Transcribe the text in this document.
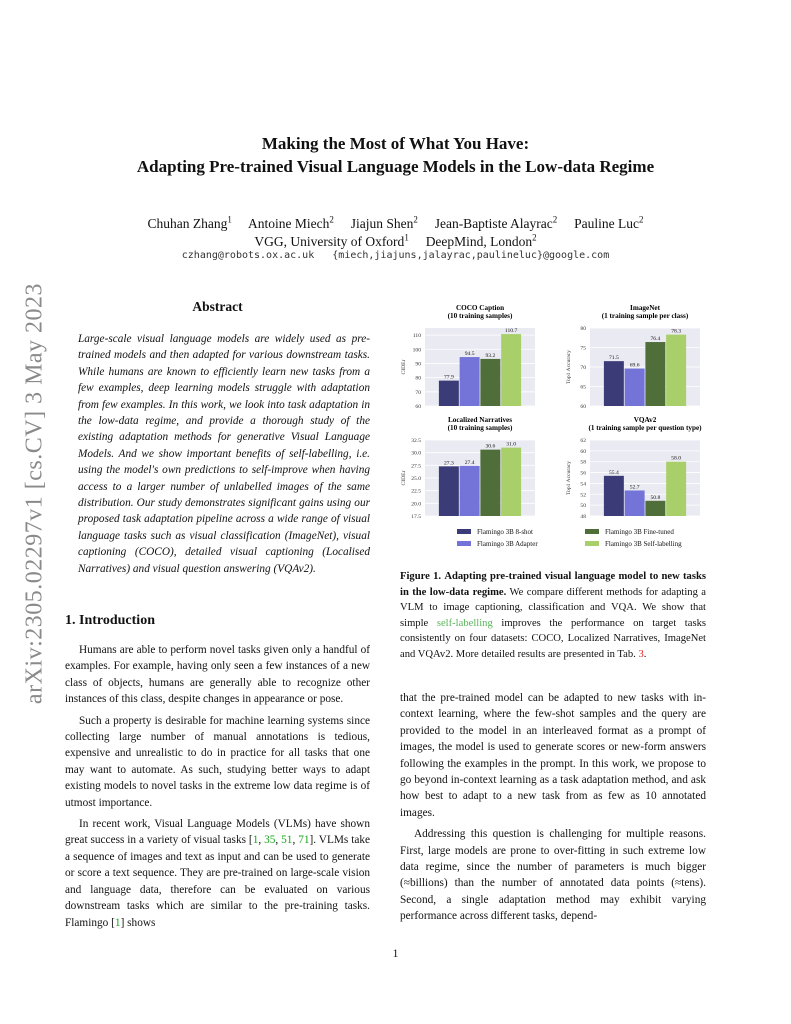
Making the Most of What You Have:
Adapting Pre-trained Visual Language Models in the Low-data Regime
Chuhan Zhang$^1$ Antoine Miech$^2$ Jiajun Shen$^2$ Jean-Baptiste Alayrac$^2$ Pauline Luc$^2$
VGG, University of Oxford$^1$ DeepMind, London$^2$
czhang@robots.ox.ac.uk   {miech,jiajuns,jalayrac,paulineluc}@google.com
arXiv:2305.02297v1 [cs.CV] 3 May 2023	Abstract
Large-scale visual language models are widely used as pre-trained models and then adapted for various downstream tasks. While humans are known to efficiently learn new tasks from a few examples, deep learning models struggle with adaptation from few examples. In this work, we look into task adaptation in the low-data regime, and provide a thorough study of the existing adaptation methods for generative Visual Language Models. And we show important benefits of self-labelling, i.e. using the model's own predictions to self-improve when having access to a larger number of unlabelled images of the same distribution. Our study demonstrates significant gains using our proposed task adaptation pipeline across a wide range of visual language tasks such as visual classification (ImageNet), visual captioning (COCO), detailed visual captioning (Localised Narratives) and visual question answering (VQAv2).
1. Introduction

Humans are able to perform novel tasks given only a handful of examples. For example, having only seen a few instances of a new class of objects, humans are generally able to recognize other instances of this class, despite changes in appearance or pose.

Such a property is desirable for machine learning systems since collecting large number of manual annotations is tedious, expensive and unrealistic to do in practice for all tasks that one may want to automate. As such, studying better ways to adapt existing models to novel tasks in the extreme low data regime is of utmost importance.

In recent work, Visual Language Models (VLMs) have shown great success in a variety of visual tasks [1, 35, 51, 71]. VLMs take a sequence of images and text as input and can be used to generate or score a text sequence. They are pre-trained on large-scale vision and language data, therefore can be evaluated on various downstream tasks which are similar to the pre-training tasks. Flamingo [1] shows

60
70
80
90
100
110
COCO Caption
(10 training samples)
CIDEr
77.9
94.5 93.2
110.7
60
65
70
75
80
ImageNet
(1 training sample per class)
Top1 Accuracy	71.5
69.6
76.4
78.3
17.5
20.0
22.5
25.0
27.5
30.0
32.5
Localized Narratives
(10 training samples)
CIDEr
27.3 27.4
30.6 31.0
48
50
52
54
56
58
60
62
VQAv2
(1 training sample per question type)
Top1 Accuracy	55.4
52.7
50.8
58.0
Flamingo 3B 8-shot
Flamingo 3B Adapter
Flamingo 3B Fine-tuned
Flamingo 3B Self-labelling
Figure 1. Adapting pre-trained visual language model to new tasks in the low-data regime. We compare different methods for adapting a VLM to image captioning, classification and VQA. We show that simple self-labelling improves the performance on target tasks consistently on four datasets: COCO, Localized Narratives, ImageNet and VQAv2. More detailed results are presented in Tab. 3.

that the pre-trained model can be adapted to new tasks with in-context learning, where the few-shot samples and the query are provided to the model in an interleaved format as a prompt of images, the model is used to generate scores or new-form answers following the examples in the prompt. In this work, we propose to go beyond in-context learning as a task adaptation method, and ask how best to adapt to a new task from as few as 10 annotated images.

Addressing this question is challenging for multiple reasons. First, large models are prone to over-fitting in such extreme low data regime, since the number of parameters is much bigger (≈billions) than the number of annotated data points (≈tens). Second, a single adaptation method may exhibit varying performance across different tasks, depend-

1
